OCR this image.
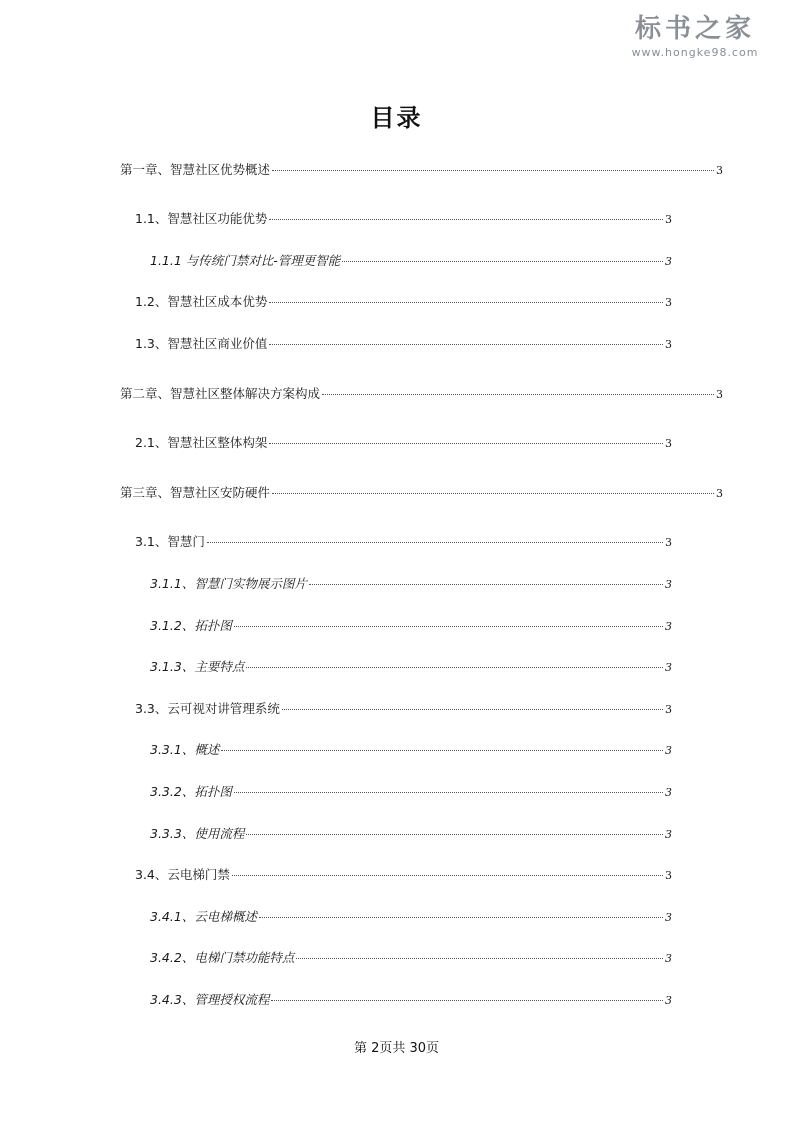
标书之家
www.hongke98.com
目录
第一章、 智慧社区优势概述	3
1.1、 智慧社区功能优势	3
1.1.1 与传统门禁对比-管理更智能	3
1.2、 智慧社区成本优势	3
1.3、 智慧社区商业价值	3
第二章、 智慧社区整体解决方案构成	3
2.1、 智慧社区整体构架	3
第三章、 智慧社区安防硬件	3
3.1、 智慧门	3
3.1.1、 智慧门实物展示图片	3
3.1.2、 拓扑图	3
3.1.3、 主要特点	3
3.3、 云可视对讲管理系统	3
3.3.1、 概述	3
3.3.2、 拓扑图	3
3.3.3、 使用流程	3
3.4、 云电梯门禁	3
3.4.1、 云电梯概述	3
3.4.2、 电梯门禁功能特点	3
3.4.3、 管理授权流程	3
第 2页共 30页
